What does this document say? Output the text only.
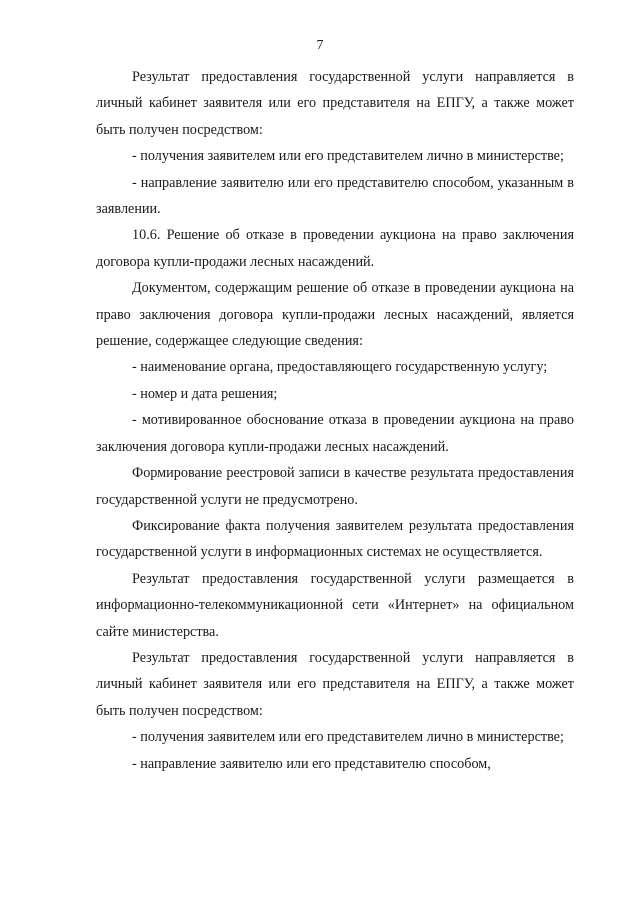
7

Результат предоставления государственной услуги направляется в личный кабинет заявителя или его представителя на ЕПГУ, а также может быть получен посредством:

- получения заявителем или его представителем лично в министерстве;

- направление заявителю или его представителю способом, указанным в заявлении.

10.6. Решение об отказе в проведении аукциона на право заключения договора купли-продажи лесных насаждений.

Документом, содержащим решение об отказе в проведении аукциона на право заключения договора купли-продажи лесных насаждений, является решение, содержащее следующие сведения:

- наименование органа, предоставляющего государственную услугу;

- номер и дата решения;

- мотивированное обоснование отказа в проведении аукциона на право заключения договора купли-продажи лесных насаждений.

Формирование реестровой записи в качестве результата предоставления государственной услуги не предусмотрено.

Фиксирование факта получения заявителем результата предоставления государственной услуги в информационных системах не осуществляется.

Результат предоставления государственной услуги размещается в информационно-телекоммуникационной сети «Интернет» на официальном сайте министерства.

Результат предоставления государственной услуги направляется в личный кабинет заявителя или его представителя на ЕПГУ, а также может быть получен посредством:

- получения заявителем или его представителем лично в министерстве;

- направление заявителю или его представителю способом,
